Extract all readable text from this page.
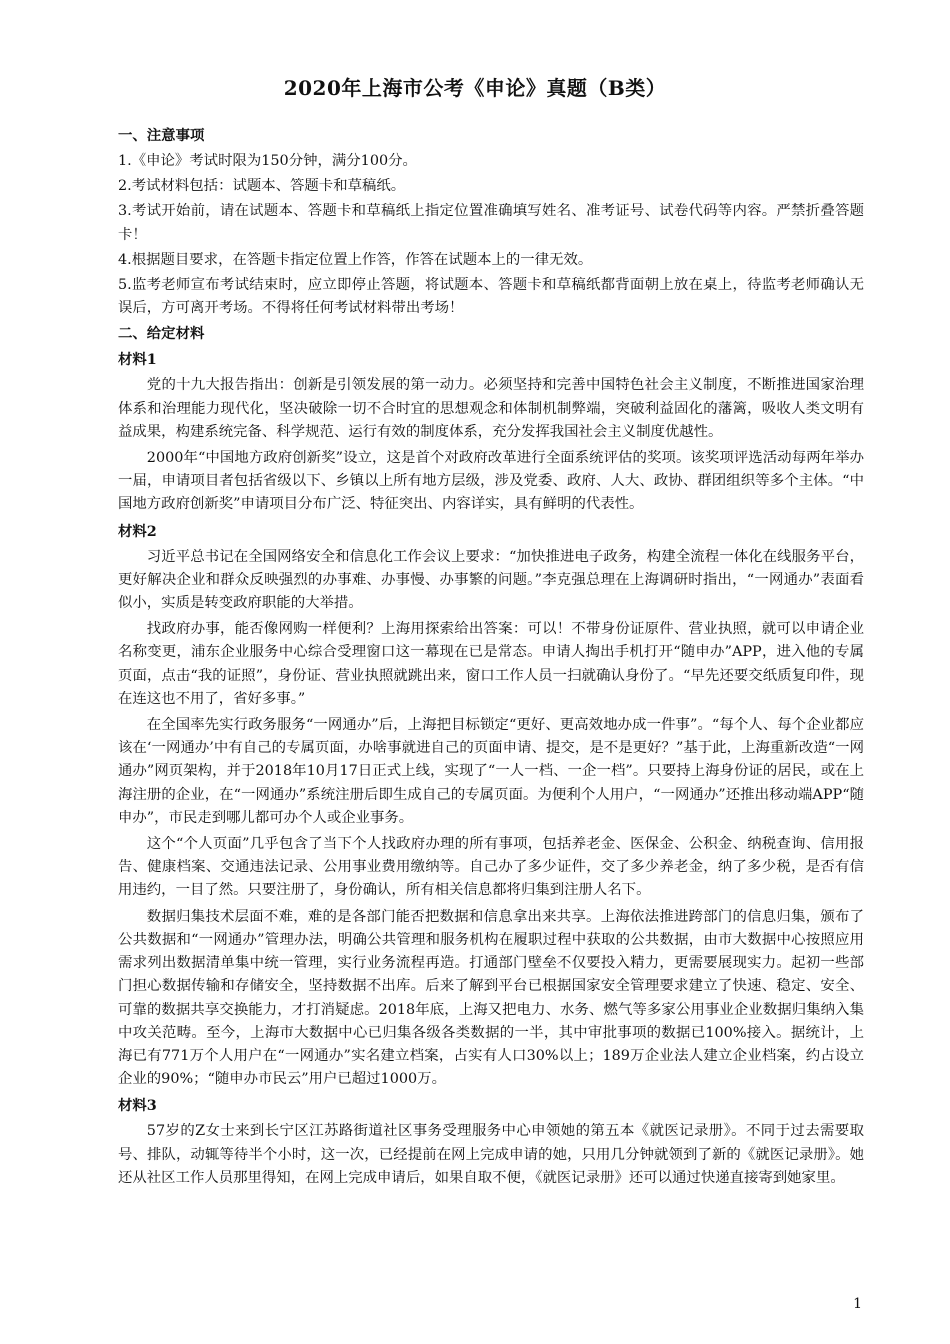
2020年上海市公考《申论》真题（B类）
一、注意事项
1.《申论》考试时限为150分钟，满分100分。
2.考试材料包括：试题本、答题卡和草稿纸。
3.考试开始前，请在试题本、答题卡和草稿纸上指定位置准确填写姓名、准考证号、试卷代码等内容。严禁折叠答题卡！
4.根据题目要求，在答题卡指定位置上作答，作答在试题本上的一律无效。
5.监考老师宣布考试结束时，应立即停止答题，将试题本、答题卡和草稿纸都背面朝上放在桌上，待监考老师确认无误后，方可离开考场。不得将任何考试材料带出考场！
二、给定材料
材料1

党的十九大报告指出：创新是引领发展的第一动力。必须坚持和完善中国特色社会主义制度，不断推进国家治理体系和治理能力现代化，坚决破除一切不合时宜的思想观念和体制机制弊端，突破利益固化的藩篱，吸收人类文明有益成果，构建系统完备、科学规范、运行有效的制度体系，充分发挥我国社会主义制度优越性。

2000年“中国地方政府创新奖”设立，这是首个对政府改革进行全面系统评估的奖项。该奖项评选活动每两年举办一届，申请项目者包括省级以下、乡镇以上所有地方层级，涉及党委、政府、人大、政协、群团组织等多个主体。“中国地方政府创新奖”申请项目分布广泛、特征突出、内容详实，具有鲜明的代表性。

材料2

习近平总书记在全国网络安全和信息化工作会议上要求：“加快推进电子政务，构建全流程一体化在线服务平台，更好解决企业和群众反映强烈的办事难、办事慢、办事繁的问题。”李克强总理在上海调研时指出，“一网通办”表面看似小，实质是转变政府职能的大举措。

找政府办事，能否像网购一样便利？上海用探索给出答案：可以！不带身份证原件、营业执照，就可以申请企业名称变更，浦东企业服务中心综合受理窗口这一幕现在已是常态。申请人掏出手机打开“随申办”APP，进入他的专属页面，点击“我的证照”，身份证、营业执照就跳出来，窗口工作人员一扫就确认身份了。“早先还要交纸质复印件，现在连这也不用了，省好多事。”

在全国率先实行政务服务“一网通办”后，上海把目标锁定“更好、更高效地办成一件事”。“每个人、每个企业都应该在‘一网通办’中有自己的专属页面，办啥事就进自己的页面申请、提交，是不是更好？”基于此，上海重新改造“一网通办”网页架构，并于2018年10月17日正式上线，实现了“一人一档、一企一档”。只要持上海身份证的居民，或在上海注册的企业，在“一网通办”系统注册后即生成自己的专属页面。为便利个人用户，“一网通办”还推出移动端APP“随申办”，市民走到哪儿都可办个人或企业事务。

这个“个人页面”几乎包含了当下个人找政府办理的所有事项，包括养老金、医保金、公积金、纳税查询、信用报告、健康档案、交通违法记录、公用事业费用缴纳等。自己办了多少证件，交了多少养老金，纳了多少税，是否有信用违约，一目了然。只要注册了，身份确认，所有相关信息都将归集到注册人名下。

数据归集技术层面不难，难的是各部门能否把数据和信息拿出来共享。上海依法推进跨部门的信息归集，颁布了公共数据和“一网通办”管理办法，明确公共管理和服务机构在履职过程中获取的公共数据，由市大数据中心按照应用需求列出数据清单集中统一管理，实行业务流程再造。打通部门壁垒不仅要投入精力，更需要展现实力。起初一些部门担心数据传输和存储安全，坚持数据不出库。后来了解到平台已根据国家安全管理要求建立了快速、稳定、安全、可靠的数据共享交换能力，才打消疑虑。2018年底，上海又把电力、水务、燃气等多家公用事业企业数据归集纳入集中攻关范畴。至今，上海市大数据中心已归集各级各类数据的一半，其中审批事项的数据已100%接入。据统计，上海已有771万个人用户在“一网通办”实名建立档案，占实有人口30%以上；189万企业法人建立企业档案，约占设立企业的90%；“随申办市民云”用户已超过1000万。

材料3

57岁的Z女士来到长宁区江苏路街道社区事务受理服务中心申领她的第五本《就医记录册》。不同于过去需要取号、排队，动辄等待半个小时，这一次，已经提前在网上完成申请的她，只用几分钟就领到了新的《就医记录册》。她还从社区工作人员那里得知，在网上完成申请后，如果自取不便，《就医记录册》还可以通过快递直接寄到她家里。

1
